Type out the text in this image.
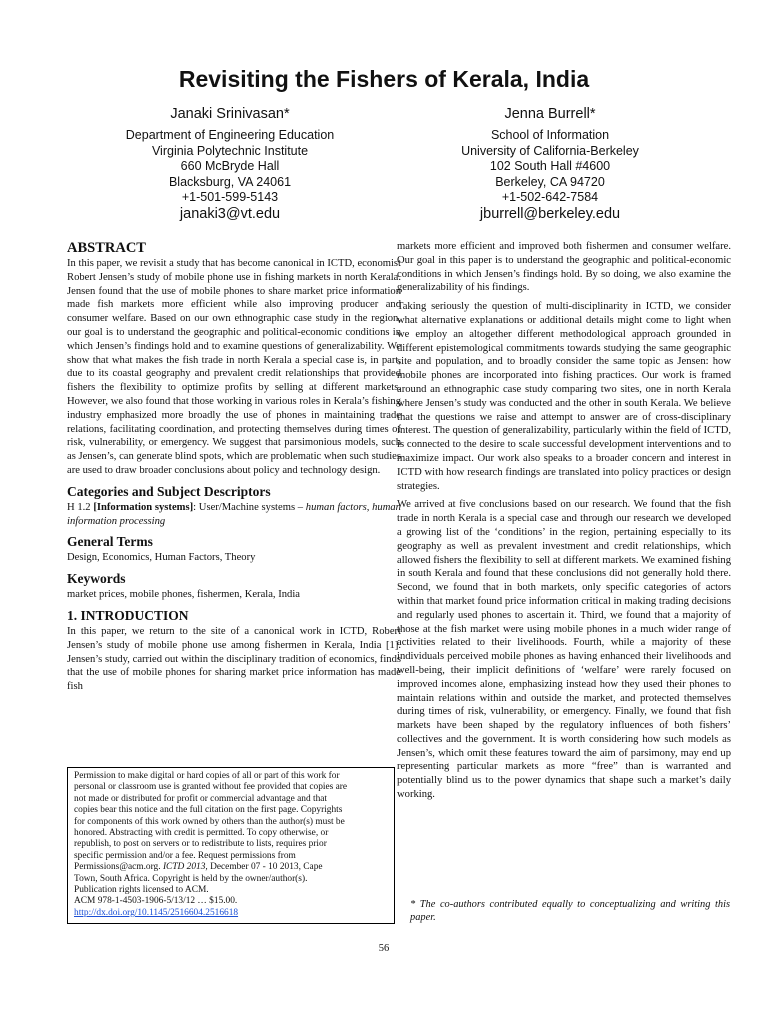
Revisiting the Fishers of Kerala, India
Janaki Srinivasan*
Department of Engineering Education
Virginia Polytechnic Institute
660 McBryde Hall
Blacksburg, VA 24061
+1-501-599-5143
janaki3@vt.edu
Jenna Burrell*
School of Information
University of California-Berkeley
102 South Hall #4600
Berkeley, CA 94720
+1-502-642-7584
jburrell@berkeley.edu
ABSTRACT

In this paper, we revisit a study that has become canonical in ICTD, economist Robert Jensen’s study of mobile phone use in fishing markets in north Kerala. Jensen found that the use of mobile phones to share market price information made fish markets more efficient while also improving producer and consumer welfare. Based on our own ethnographic case study in the region, our goal is to understand the geographic and political-economic conditions in which Jensen’s findings hold and to examine questions of generalizability. We show that what makes the fish trade in north Kerala a special case is, in part, due to its coastal geography and prevalent credit relationships that provided fishers the flexibility to optimize profits by selling at different markets. However, we also found that those working in various roles in Kerala’s fishing industry emphasized more broadly the use of phones in maintaining trade relations, facilitating coordination, and protecting themselves during times of risk, vulnerability, or emergency. We suggest that parsimonious models, such as Jensen’s, can generate blind spots, which are problematic when such studies are used to draw broader conclusions about policy and technology design.

Categories and Subject Descriptors

H 1.2 [Information systems]: User/Machine systems – human factors, human information processing

General Terms

Design, Economics, Human Factors, Theory

Keywords

market prices, mobile phones, fishermen, Kerala, India

1. INTRODUCTION

In this paper, we return to the site of a canonical work in ICTD, Robert Jensen’s study of mobile phone use among fishermen in Kerala, India [1]. Jensen’s study, carried out within the disciplinary tradition of economics, finds that the use of mobile phones for sharing market price information has made fish

markets more efficient and improved both fishermen and consumer welfare. Our goal in this paper is to understand the geographic and political-economic conditions in which Jensen’s findings hold. By so doing, we also examine the generalizability of his findings.

Taking seriously the question of multi-disciplinarity in ICTD, we consider what alternative explanations or additional details might come to light when we employ an altogether different methodological approach grounded in different epistemological commitments towards studying the same geographic site and population, and to broadly consider the same topic as Jensen: how mobile phones are incorporated into fishing practices. Our work is framed around an ethnographic case study comparing two sites, one in north Kerala where Jensen’s study was conducted and the other in south Kerala. We believe that the questions we raise and attempt to answer are of cross-disciplinary interest. The question of generalizability, particularly within the field of ICTD, is connected to the desire to scale successful development interventions and to maximize impact. Our work also speaks to a broader concern and interest in ICTD with how research findings are translated into policy practices or design strategies.

We arrived at five conclusions based on our research. We found that the fish trade in north Kerala is a special case and through our research we developed a growing list of the ‘conditions’ in the region, pertaining especially to its geography as well as prevalent investment and credit relationships, which allowed fishers the flexibility to sell at different markets. We examined fishing in south Kerala and found that these conclusions did not generally hold there. Second, we found that in both markets, only specific categories of actors within that market found price information critical in making trading decisions and regularly used phones to ascertain it. Third, we found that a majority of those at the fish market were using mobile phones in a much wider range of activities related to their livelihoods. Fourth, while a majority of these individuals perceived mobile phones as having enhanced their livelihoods and well-being, their implicit definitions of ‘welfare’ were rarely focused on improved incomes alone, emphasizing instead how they used their phones to maintain relations within and outside the market, and protected themselves during times of risk, vulnerability, or emergency. Finally, we found that fish markets have been shaped by the regulatory influences of both fishers’ collectives and the government. It is worth considering how such models as Jensen’s, which omit these features toward the aim of parsimony, may end up representing particular markets as more “free” than is warranted and potentially blind us to the power dynamics that shape such a market’s daily working.

Permission to make digital or hard copies of all or part of this work for
personal or classroom use is granted without fee provided that copies are
not made or distributed for profit or commercial advantage and that
copies bear this notice and the full citation on the first page. Copyrights
for components of this work owned by others than the author(s) must be
honored. Abstracting with credit is permitted. To copy otherwise, or
republish, to post on servers or to redistribute to lists, requires prior
specific permission and/or a fee. Request permissions from
Permissions@acm.org. ICTD 2013, December 07 - 10 2013, Cape
Town, South Africa. Copyright is held by the owner/author(s).
Publication rights licensed to ACM.
ACM 978-1-4503-1906-5/13/12 … $15.00.
http://dx.doi.org/10.1145/2516604.2516618
* The co-authors contributed equally to conceptualizing and writing this paper.
56
